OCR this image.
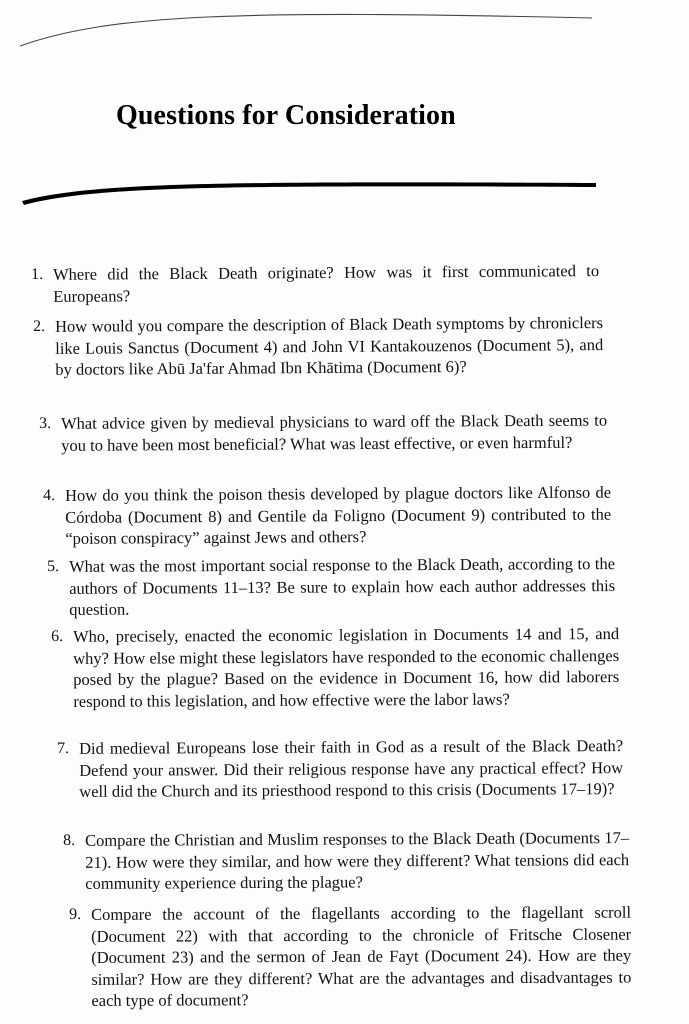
Questions for Consideration
1. Where did the Black Death originate? How was it first communicated to Europeans?
2. How would you compare the description of Black Death symptoms by chroniclers like Louis Sanctus (Document 4) and John VI Kantakouzenos (Document 5), and by doctors like Abū Ja'far Ahmad Ibn Khātima (Document 6)?
3. What advice given by medieval physicians to ward off the Black Death seems to you to have been most beneficial? What was least effective, or even harmful?
4. How do you think the poison thesis developed by plague doctors like Alfonso de Córdoba (Document 8) and Gentile da Foligno (Document 9) contributed to the “poison conspiracy” against Jews and others?
5. What was the most important social response to the Black Death, according to the authors of Documents 11–13? Be sure to explain how each author addresses this question.
6. Who, precisely, enacted the economic legislation in Documents 14 and 15, and why? How else might these legislators have responded to the economic challenges posed by the plague? Based on the evidence in Document 16, how did laborers respond to this legislation, and how effective were the labor laws?
7. Did medieval Europeans lose their faith in God as a result of the Black Death? Defend your answer. Did their religious response have any practical effect? How well did the Church and its priesthood respond to this crisis (Documents 17–19)?
8. Compare the Christian and Muslim responses to the Black Death (Documents 17–21). How were they similar, and how were they different? What tensions did each community experience during the plague?
9. Compare the account of the flagellants according to the flagellant scroll (Document 22) with that according to the chronicle of Fritsche Closener (Document 23) and the sermon of Jean de Fayt (Document 24). How are they similar? How are they different? What are the advantages and disadvantages to each type of document?
